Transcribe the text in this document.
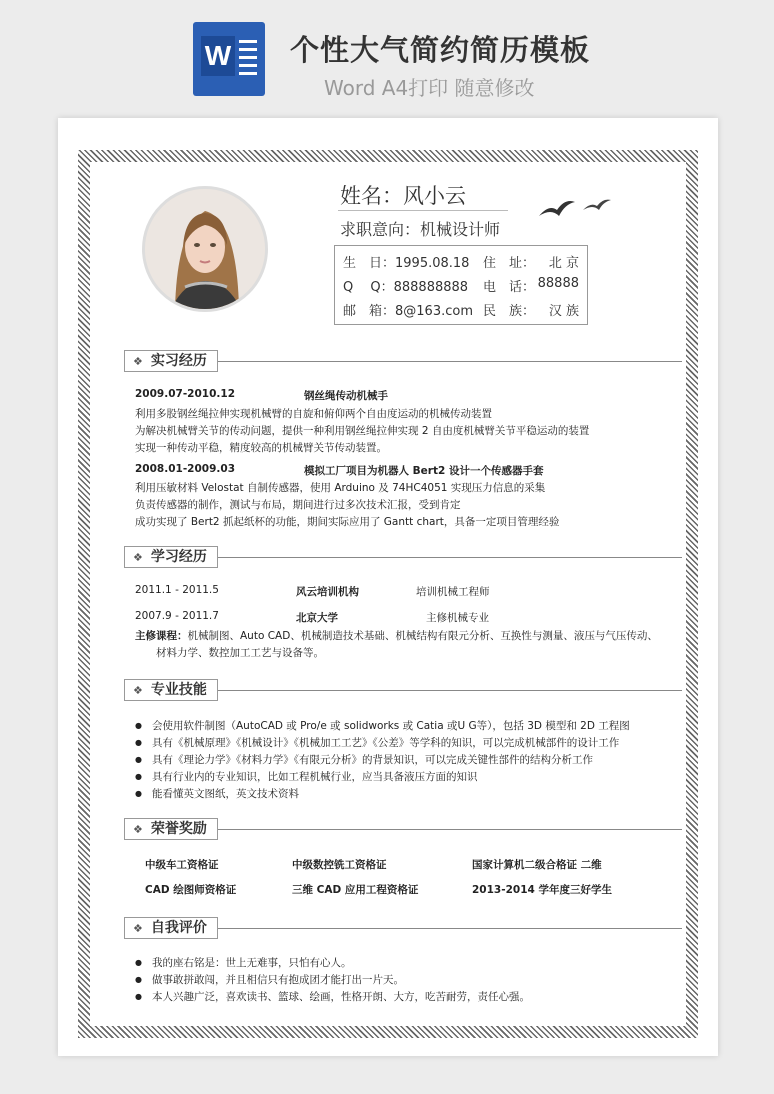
W 个性大气简约简历模板
Word A4打印 随意修改
姓名：风小云
求职意向：机械设计师
生　日：1995.08.18 住　址： 北 京
Q　 Q：888888888 电　话： 88888
邮　箱：8@163.com 民　族： 汉 族
❖ 实习经历
2009.07-2010.12	钢丝绳传动机械手
利用多股钢丝绳拉伸实现机械臂的自旋和俯仰两个自由度运动的机械传动装置
为解决机械臂关节的传动问题，提供一种利用钢丝绳拉伸实现 2 自由度机械臂关节平稳运动的装置
实现一种传动平稳，精度较高的机械臂关节传动装置。
2008.01-2009.03	模拟工厂项目为机器人 Bert2 设计一个传感器手套
利用压敏材料 Velostat 自制传感器，使用 Arduino 及 74HC4051 实现压力信息的采集
负责传感器的制作，测试与布局，期间进行过多次技术汇报，受到肯定
成功实现了 Bert2 抓起纸杯的功能，期间实际应用了 Gantt chart，具备一定项目管理经验
❖ 学习经历
2011.1 - 2011.5	风云培训机构	培训机械工程师
2007.9 - 2011.7	北京大学	主修机械专业
主修课程：机械制图、Auto CAD、机械制造技术基础、机械结构有限元分析、互换性与测量、液压与气压传动、
材料力学、数控加工工艺与设备等。
❖ 专业技能
● 会使用软件制图（AutoCAD 或 Pro/e 或 solidworks 或 Catia 或U G等），包括 3D 模型和 2D 工程图
● 具有《机械原理》《机械设计》《机械加工工艺》《公差》等学科的知识，可以完成机械部件的设计工作
● 具有《理论力学》《材料力学》《有限元分析》的背景知识，可以完成关键性部件的结构分析工作
● 具有行业内的专业知识，比如工程机械行业，应当具备液压方面的知识
● 能看懂英文图纸，英文技术资料
❖ 荣誉奖励
中级车工资格证	中级数控铣工资格证	国家计算机二级合格证 二维
CAD 绘图师资格证	三维 CAD 应用工程资格证	2013-2014 学年度三好学生
❖ 自我评价
● 我的座右铭是：世上无难事，只怕有心人。
● 做事敢拼敢闯，并且相信只有抱成团才能打出一片天。
● 本人兴趣广泛，喜欢读书、篮球、绘画，性格开朗、大方，吃苦耐劳，责任心强。
